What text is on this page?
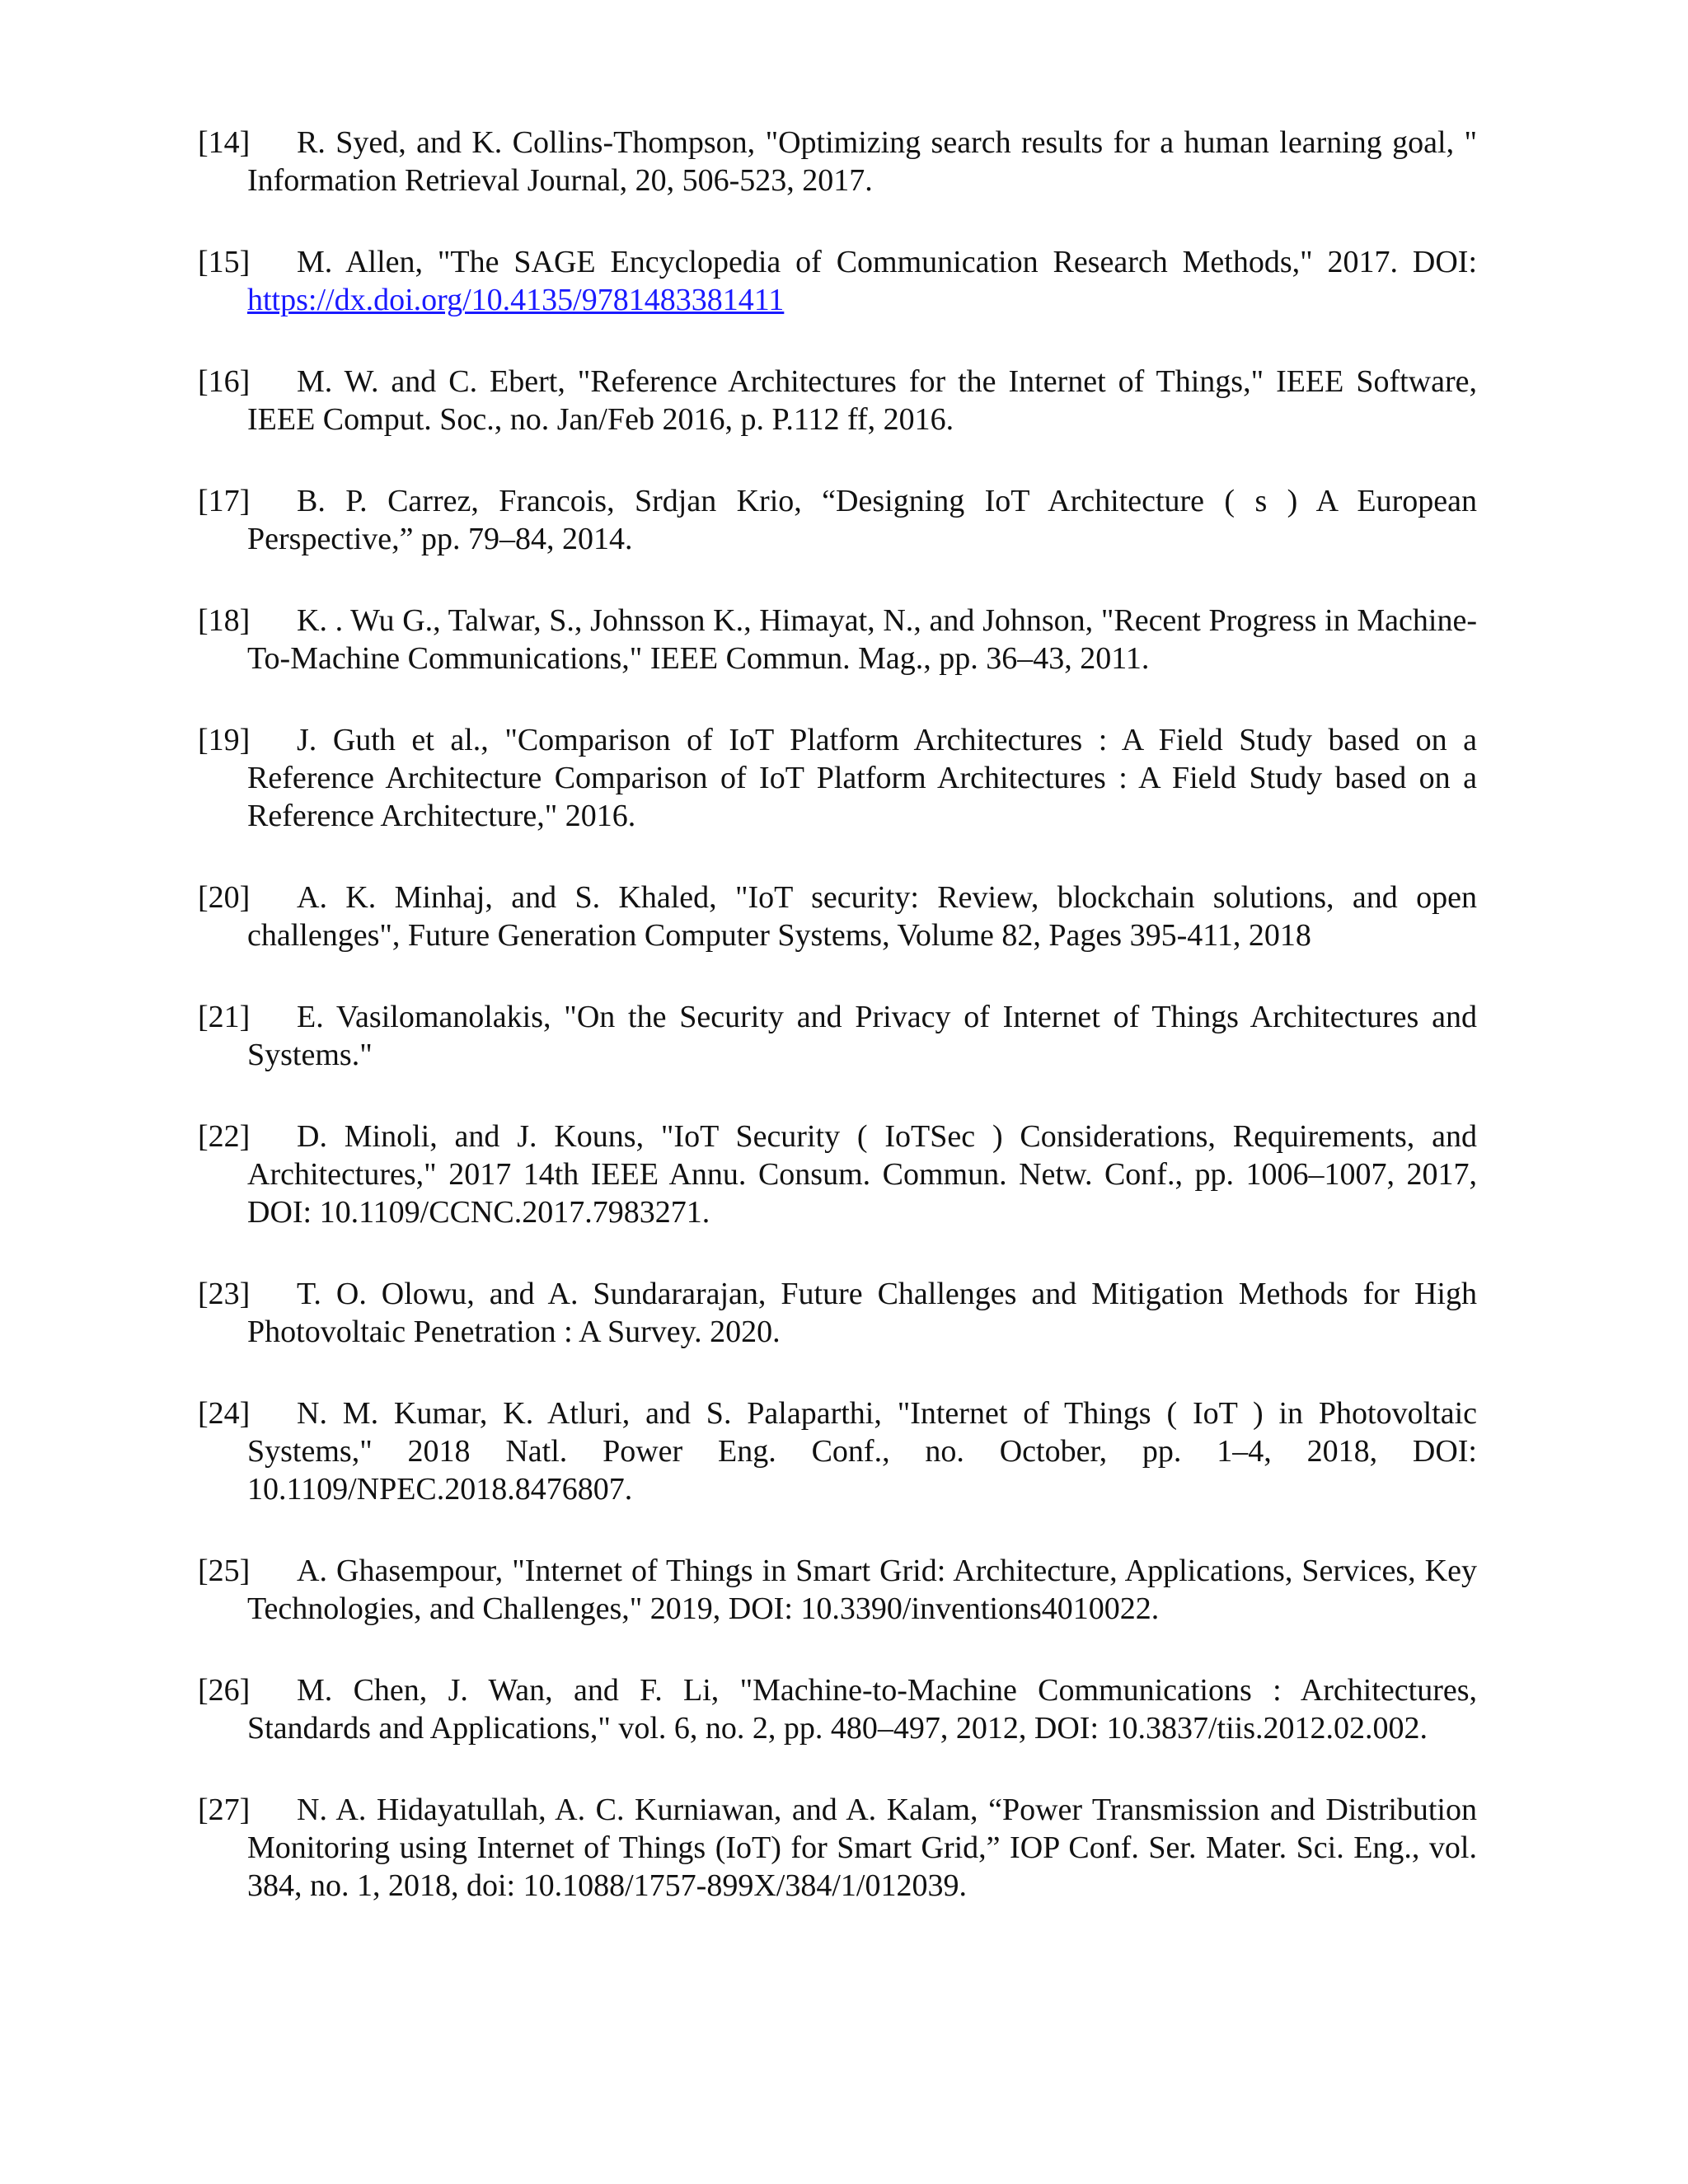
[14] R. Syed, and K. Collins-Thompson, "Optimizing search results for a human learning goal, " Information Retrieval Journal, 20, 506-523, 2017.
[15] M. Allen, "The SAGE Encyclopedia of Communication Research Methods," 2017. DOI: https://dx.doi.org/10.4135/9781483381411
[16] M. W. and C. Ebert, "Reference Architectures for the Internet of Things," IEEE Software, IEEE Comput. Soc., no. Jan/Feb 2016, p. P.112 ff, 2016.
[17] B. P. Carrez, Francois, Srdjan Krio, “Designing IoT Architecture ( s ) A European Perspective,” pp. 79–84, 2014.
[18] K. . Wu G., Talwar, S., Johnsson K., Himayat, N., and Johnson, "Recent Progress in Machine-To-Machine Communications," IEEE Commun. Mag., pp. 36–43, 2011.
[19] J. Guth et al., "Comparison of IoT Platform Architectures : A Field Study based on a Reference Architecture Comparison of IoT Platform Architectures : A Field Study based on a Reference Architecture," 2016.
[20] A. K. Minhaj, and S. Khaled, "IoT security: Review, blockchain solutions, and open challenges", Future Generation Computer Systems, Volume 82, Pages 395-411, 2018
[21] E. Vasilomanolakis, "On the Security and Privacy of Internet of Things Architectures and Systems."
[22] D. Minoli, and J. Kouns, "IoT Security ( IoTSec ) Considerations, Requirements, and Architectures," 2017 14th IEEE Annu. Consum. Commun. Netw. Conf., pp. 1006–1007, 2017, DOI: 10.1109/CCNC.2017.7983271.
[23] T. O. Olowu, and A. Sundararajan, Future Challenges and Mitigation Methods for High Photovoltaic Penetration : A Survey. 2020.
[24] N. M. Kumar, K. Atluri, and S. Palaparthi, "Internet of Things ( IoT ) in Photovoltaic Systems," 2018 Natl. Power Eng. Conf., no. October, pp. 1–4, 2018, DOI: 10.1109/NPEC.2018.8476807.
[25] A. Ghasempour, "Internet of Things in Smart Grid: Architecture, Applications, Services, Key Technologies, and Challenges," 2019, DOI: 10.3390/inventions4010022.
[26] M. Chen, J. Wan, and F. Li, "Machine-to-Machine Communications : Architectures, Standards and Applications," vol. 6, no. 2, pp. 480–497, 2012, DOI: 10.3837/tiis.2012.02.002.
[27] N. A. Hidayatullah, A. C. Kurniawan, and A. Kalam, “Power Transmission and Distribution Monitoring using Internet of Things (IoT) for Smart Grid,” IOP Conf. Ser. Mater. Sci. Eng., vol. 384, no. 1, 2018, doi: 10.1088/1757-899X/384/1/012039.
